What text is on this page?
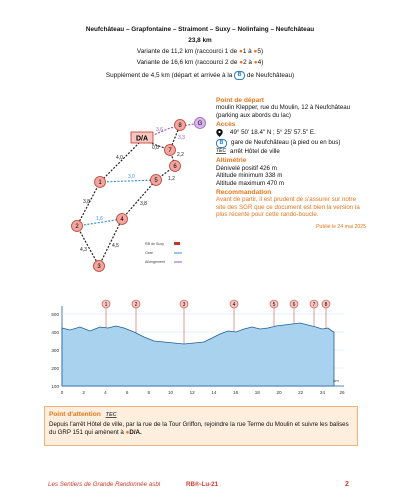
Neufchâteau – Grapfontaine – Straimont – Suxy – Nolinfaing – Neufchâteau
23,8 km
Variante de 11,2 km (raccourci 1 de ●1 à ●5)
Variante de 16,6 km (raccourci 2 de ●2 à ●4)
Supplément de 4,5 km (départ et arrivée à la B de Neufchâteau)
4,0
3,8
4,3
4,5
3,8
3,0
1,6
1,2
2,2
0,8
3,6
3,3
D/A
G
1
2
3
4
5
6
7
8
RB de Suxy
Gare
Allongement
Point de départ
moulin Klepper, rue du Moulin, 12 à Neufchâteau (parking aux abords du lac)
Accès
49° 50' 18.4" N ; 5° 25' 57.5" E.
B	gare de Neufchâteau (à pied ou en bus)
TEC arrêt Hôtel de ville
Altimétrie
Dénivelé positif 426 m
Altitude minimum 338 m
Altitude maximum 470 m
Recommandation
Avant de partir, il est prudent de s'assurer sur notre site des SGR que ce document est bien la version la plus récente pour cette rando-boucle.
Publié le 24 mai 2025
1	2	3	4	5	6	7 8
500
400
300
200
100
0	2	4	6	8	10	12	14	16	18	20	22	24	26
km
Point d'attention TEC
Depuis l'arrêt Hôtel de ville, par la rue de la Tour Griffon, rejoindre la rue Terme du Moulin et suivre les balises du GRP 151 qui amènent à ●D/A.
Les Sentiers de Grande Randonnée asbl	RB®-Lu-21	2
